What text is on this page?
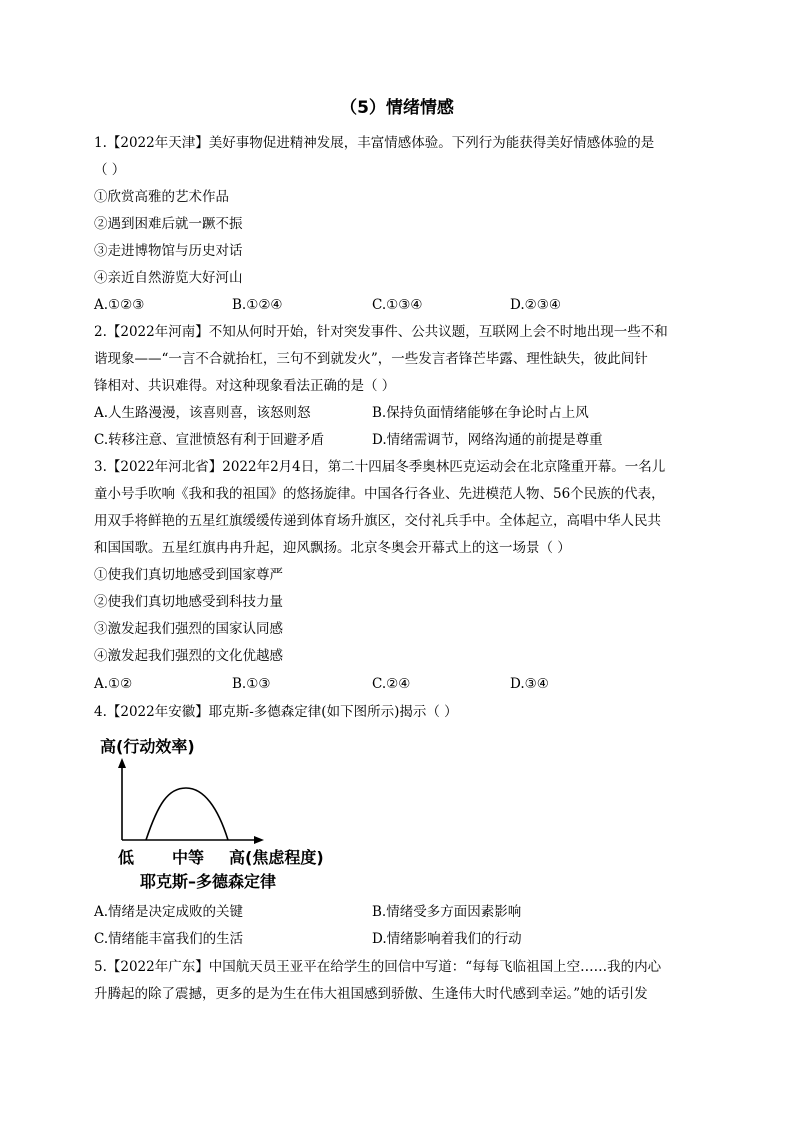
（5）情绪情感
1.【2022年天津】美好事物促进精神发展，丰富情感体验。下列行为能获得美好情感体验的是
（ ）
①欣赏高雅的艺术作品
②遇到困难后就一蹶不振
③走进博物馆与历史对话
④亲近自然游览大好河山
A.①②③	B.①②④	C.①③④	D.②③④
2.【2022年河南】不知从何时开始，针对突发事件、公共议题，互联网上会不时地出现一些不和
谐现象——“一言不合就抬杠，三句不到就发火”，一些发言者锋芒毕露、理性缺失，彼此间针
锋相对、共识难得。对这种现象看法正确的是（ ）
A.人生路漫漫，该喜则喜，该怒则怒	B.保持负面情绪能够在争论时占上风
C.转移注意、宣泄愤怒有利于回避矛盾	D.情绪需调节，网络沟通的前提是尊重
3.【2022年河北省】2022年2月4日，第二十四届冬季奥林匹克运动会在北京隆重开幕。一名儿
童小号手吹响《我和我的祖国》的悠扬旋律。中国各行各业、先进模范人物、56个民族的代表，
用双手将鲜艳的五星红旗缓缓传递到体育场升旗区，交付礼兵手中。全体起立，高唱中华人民共
和国国歌。五星红旗冉冉升起，迎风飘扬。北京冬奥会开幕式上的这一场景（ ）
①使我们真切地感受到国家尊严
②使我们真切地感受到科技力量
③激发起我们强烈的国家认同感
④激发起我们强烈的文化优越感
A.①②	B.①③	C.②④	D.③④
4.【2022年安徽】耶克斯-多德森定律(如下图所示)揭示（ ）
高(行动效率)
低 中等 高(焦虑程度)
耶克斯–多德森定律
A.情绪是决定成败的关键	B.情绪受多方面因素影响
C.情绪能丰富我们的生活	D.情绪影响着我们的行动
5.【2022年广东】中国航天员王亚平在给学生的回信中写道：“每每飞临祖国上空……我的内心
升腾起的除了震撼，更多的是为生在伟大祖国感到骄傲、生逢伟大时代感到幸运。”她的话引发
